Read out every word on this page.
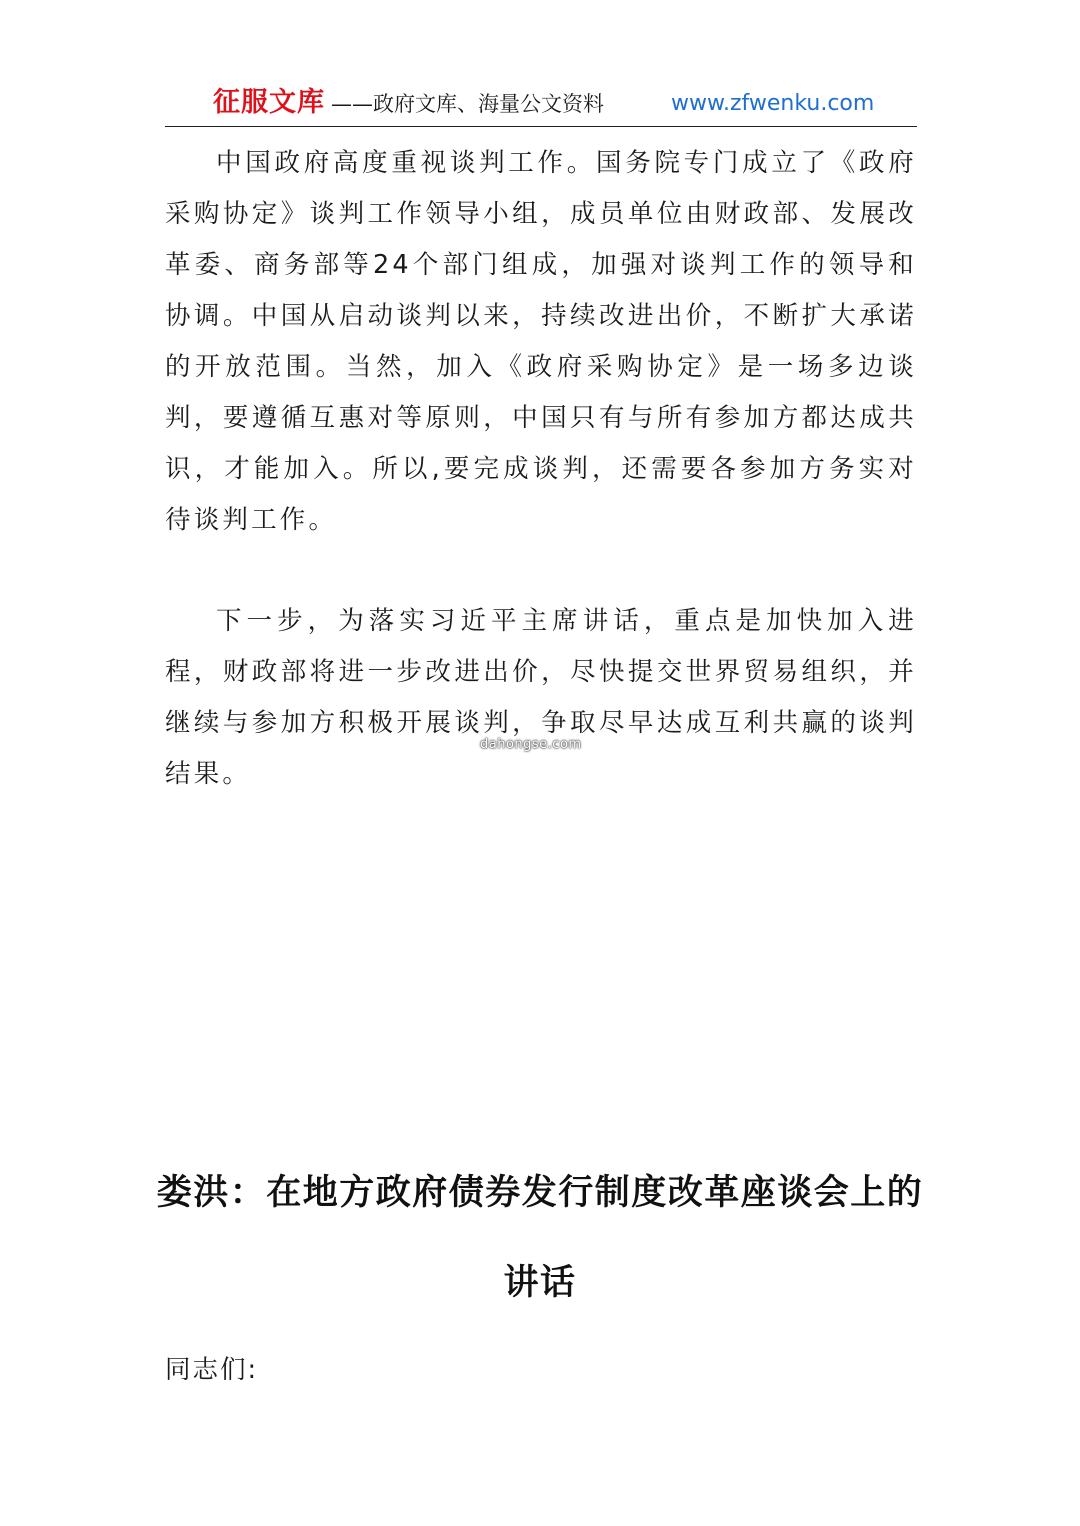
征服文库 ——政府文库、海量公文资料	www.zfwenku.com

中国政府高度重视谈判工作。国务院专门成立了《政府采购协定》谈判工作领导小组，成员单位由财政部、发展改革委、商务部等24个部门组成，加强对谈判工作的领导和协调。中国从启动谈判以来，持续改进出价，不断扩大承诺的开放范围。当然，加入《政府采购协定》是一场多边谈判，要遵循互惠对等原则，中国只有与所有参加方都达成共识，才能加入。所以,要完成谈判，还需要各参加方务实对待谈判工作。

下一步，为落实习近平主席讲话，重点是加快加入进程，财政部将进一步改进出价，尽快提交世界贸易组织，并继续与参加方积极开展谈判，争取尽早达成互利共赢的谈判结果。

dahongse.com
娄洪：在地方政府债券发行制度改革座谈会上的讲话
同志们:
